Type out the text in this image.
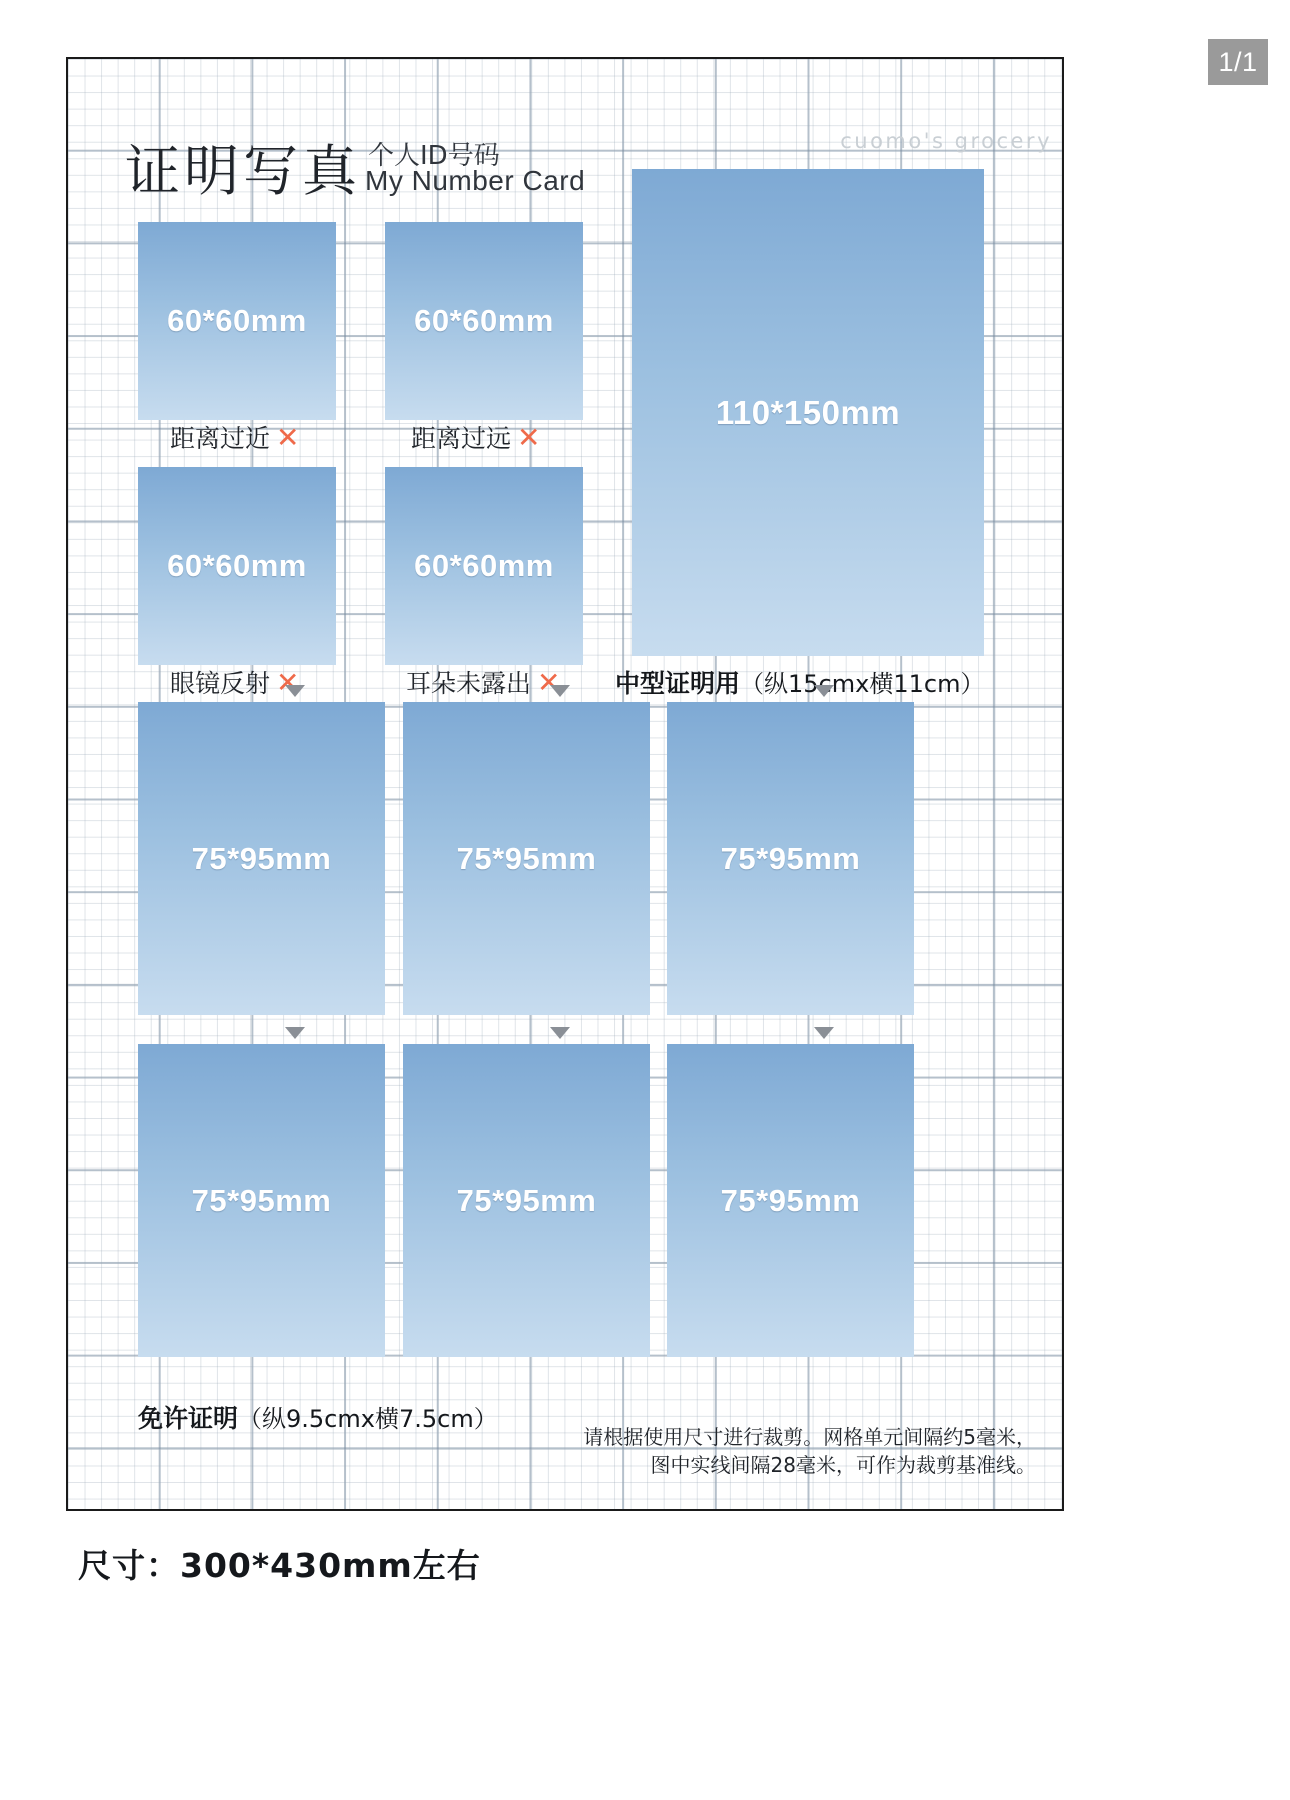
cuomo's grocery
证明写真 个人ID号码
My Number Card
60*60mm	60*60mm
110*150mm
距离过近 ✕	距离过远 ✕
60*60mm	60*60mm
眼镜反射 ✕	耳朵未露出 ✕ 中型证明用（纵15cmx横11cm）
75*95mm	75*95mm	75*95mm
75*95mm	75*95mm	75*95mm
免许证明（纵9.5cmx横7.5cm）
请根据使用尺寸进行裁剪。网格单元间隔约5毫米，
图中实线间隔28毫米，可作为裁剪基准线。
1/1
尺寸：300*430mm左右
